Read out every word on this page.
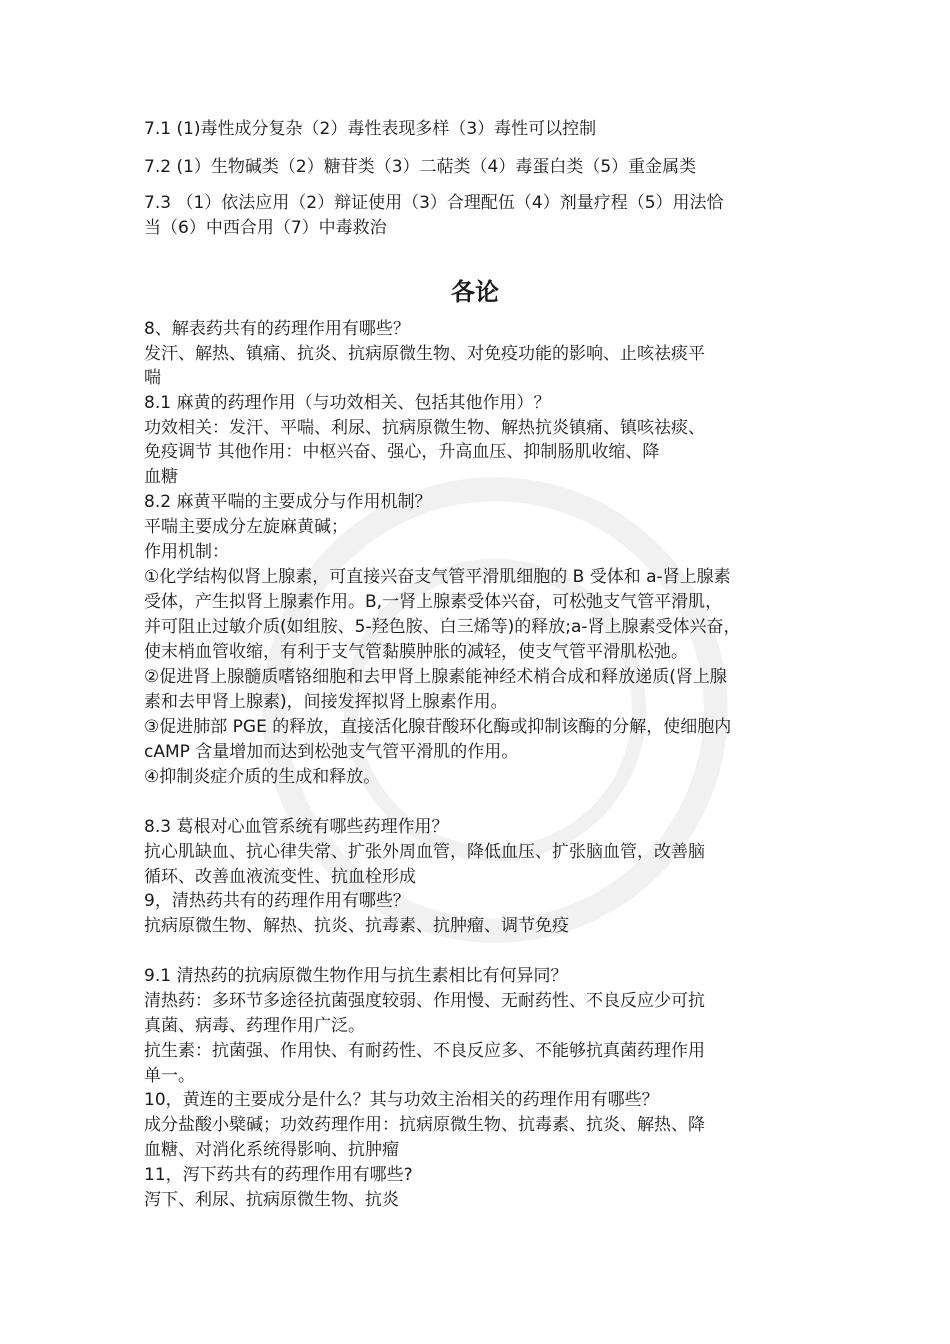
各论
7.1 (1)毒性成分复杂（2）毒性表现多样（3）毒性可以控制
7.2 (1）生物碱类（2）糖苷类（3）二萜类（4）毒蛋白类（5）重金属类
7.3 （1）依法应用（2）辩证使用（3）合理配伍（4）剂量疗程（5）用法恰
当（6）中西合用（7）中毒救治
8、解表药共有的药理作用有哪些？
发汗、解热、镇痛、抗炎、抗病原微生物、对免疫功能的影响、止咳祛痰平
喘
8.1 麻黄的药理作用（与功效相关、包括其他作用）？
功效相关：发汗、平喘、利尿、抗病原微生物、解热抗炎镇痛、镇咳祛痰、
免疫调节 其他作用：中枢兴奋、强心，升高血压、抑制肠肌收缩、降
血糖
8.2 麻黄平喘的主要成分与作用机制？
平喘主要成分左旋麻黄碱；
作用机制：
①化学结构似肾上腺素，可直接兴奋支气管平滑肌细胞的 B 受体和 a-肾上腺素
受体，产生拟肾上腺素作用。B,一肾上腺素受体兴奋，可松弛支气管平滑肌，
并可阻止过敏介质(如组胺、5-羟色胺、白三烯等)的释放;a-肾上腺素受体兴奋，
使末梢血管收缩，有利于支气管黏膜肿胀的减轻，使支气管平滑肌松弛。
②促进肾上腺髓质嗜铬细胞和去甲肾上腺素能神经术梢合成和释放递质(肾上腺
素和去甲肾上腺素)，间接发挥拟肾上腺素作用。
③促进肺部 PGE 的释放，直接活化腺苷酸环化酶或抑制该酶的分解，使细胞内
cAMP 含量增加而达到松弛支气管平滑肌的作用。
④抑制炎症介质的生成和释放。
8.3 葛根对心血管系统有哪些药理作用？
抗心肌缺血、抗心律失常、扩张外周血管，降低血压、扩张脑血管，改善脑
循环、改善血液流变性、抗血栓形成
9，清热药共有的药理作用有哪些？
抗病原微生物、解热、抗炎、抗毒素、抗肿瘤、调节免疫
9.1 清热药的抗病原微生物作用与抗生素相比有何异同？
清热药：多环节多途径抗菌强度较弱、作用慢、无耐药性、不良反应少可抗
真菌、病毒、药理作用广泛。
抗生素：抗菌强、作用快、有耐药性、不良反应多、不能够抗真菌药理作用
单一。
10，黄连的主要成分是什么？其与功效主治相关的药理作用有哪些？
成分盐酸小檗碱；功效药理作用：抗病原微生物、抗毒素、抗炎、解热、降
血糖、对消化系统得影响、抗肿瘤
11，泻下药共有的药理作用有哪些?
泻下、利尿、抗病原微生物、抗炎
